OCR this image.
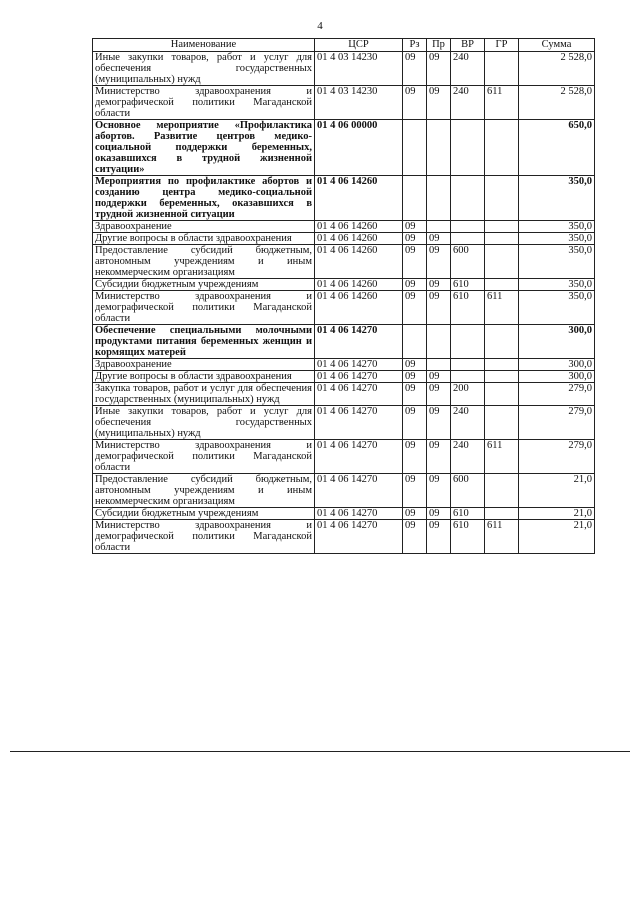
4
Наименование	ЦСР	Рз	Пр	ВР	ГР	Сумма
Иные закупки товаров, работ и услуг для обеспечения государственных (муниципальных) нужд	01 4 03 14230	09	09	240		2 528,0
Министерство здравоохранения и демографической политики Магаданской области	01 4 03 14230	09	09	240	611	2 528,0
Основное мероприятие «Профилактика абортов. Развитие центров медико-социальной поддержки беременных, оказавшихся в трудной жизненной ситуации»	01 4 06 00000					650,0
Мероприятия по профилактике абортов и созданию центра медико-социальной поддержки беременных, оказавшихся в трудной жизненной ситуации	01 4 06 14260					350,0
Здравоохранение	01 4 06 14260	09				350,0
Другие вопросы в области здравоохранения	01 4 06 14260	09	09			350,0
Предоставление субсидий бюджетным, автономным учреждениям и иным некоммерческим организациям	01 4 06 14260	09	09	600		350,0
Субсидии бюджетным учреждениям	01 4 06 14260	09	09	610		350,0
Министерство здравоохранения и демографической политики Магаданской области	01 4 06 14260	09	09	610	611	350,0
Обеспечение специальными молочными продуктами питания беременных женщин и кормящих матерей	01 4 06 14270					300,0
Здравоохранение	01 4 06 14270	09				300,0
Другие вопросы в области здравоохранения	01 4 06 14270	09	09			300,0
Закупка товаров, работ и услуг для обеспечения государственных (муниципальных) нужд	01 4 06 14270	09	09	200		279,0
Иные закупки товаров, работ и услуг для обеспечения государственных (муниципальных) нужд	01 4 06 14270	09	09	240		279,0
Министерство здравоохранения и демографической политики Магаданской области	01 4 06 14270	09	09	240	611	279,0
Предоставление субсидий бюджетным, автономным учреждениям и иным некоммерческим организациям	01 4 06 14270	09	09	600		21,0
Субсидии бюджетным учреждениям	01 4 06 14270	09	09	610		21,0
Министерство здравоохранения и демографической политики Магаданской области	01 4 06 14270	09	09	610	611	21,0
